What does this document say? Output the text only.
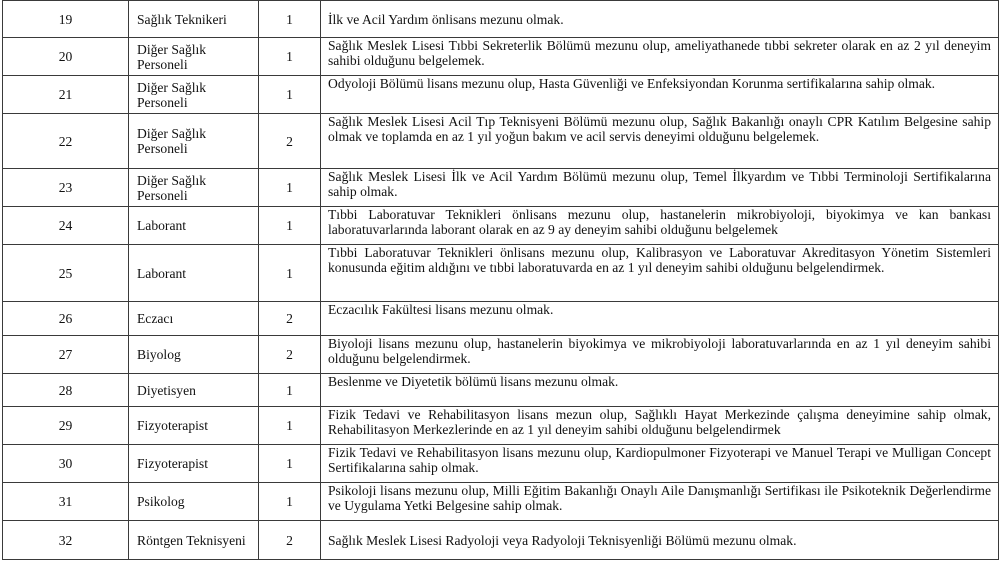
19	Sağlık Teknikeri	1	İlk ve Acil Yardım önlisans mezunu olmak.
20	Diğer Sağlık Personeli	1	Sağlık Meslek Lisesi Tıbbi Sekreterlik Bölümü mezunu olup, ameliyathanede tıbbi sekreter olarak en az 2 yıl deneyim sahibi olduğunu belgelemek.
21	Diğer Sağlık Personeli	1	Odyoloji Bölümü lisans mezunu olup, Hasta Güvenliği ve Enfeksiyondan Korunma sertifikalarına sahip olmak.
22	Diğer Sağlık Personeli	2	Sağlık Meslek Lisesi Acil Tıp Teknisyeni Bölümü mezunu olup, Sağlık Bakanlığı onaylı CPR Katılım Belgesine sahip olmak ve toplamda en az 1 yıl yoğun bakım ve acil servis deneyimi olduğunu belgelemek.
23	Diğer Sağlık Personeli	1	Sağlık Meslek Lisesi İlk ve Acil Yardım Bölümü mezunu olup, Temel İlkyardım ve Tıbbi Terminoloji Sertifikalarına sahip olmak.
24	Laborant	1	Tıbbi Laboratuvar Teknikleri önlisans mezunu olup, hastanelerin mikrobiyoloji, biyokimya ve kan bankası laboratuvarlarında laborant olarak en az 9 ay deneyim sahibi olduğunu belgelemek
25	Laborant	1	Tıbbi Laboratuvar Teknikleri önlisans mezunu olup, Kalibrasyon ve Laboratuvar Akreditasyon Yönetim Sistemleri konusunda eğitim aldığını ve tıbbi laboratuvarda en az 1 yıl deneyim sahibi olduğunu belgelendirmek.
26	Eczacı	2	Eczacılık Fakültesi lisans mezunu olmak.
27	Biyolog	2	Biyoloji lisans mezunu olup, hastanelerin biyokimya ve mikrobiyoloji laboratuvarlarında en az 1 yıl deneyim sahibi olduğunu belgelendirmek.
28	Diyetisyen	1	Beslenme ve Diyetetik bölümü lisans mezunu olmak.
29	Fizyoterapist	1	Fizik Tedavi ve Rehabilitasyon lisans mezun olup, Sağlıklı Hayat Merkezinde çalışma deneyimine sahip olmak, Rehabilitasyon Merkezlerinde en az 1 yıl deneyim sahibi olduğunu belgelendirmek
30	Fizyoterapist	1	Fizik Tedavi ve Rehabilitasyon lisans mezunu olup, Kardiopulmoner Fizyoterapi ve Manuel Terapi ve Mulligan Concept Sertifikalarına sahip olmak.
31	Psikolog	1	Psikoloji lisans mezunu olup, Milli Eğitim Bakanlığı Onaylı Aile Danışmanlığı Sertifikası ile Psikoteknik Değerlendirme ve Uygulama Yetki Belgesine sahip olmak.
32	Röntgen Teknisyeni	2	Sağlık Meslek Lisesi Radyoloji veya Radyoloji Teknisyenliği Bölümü mezunu olmak.
